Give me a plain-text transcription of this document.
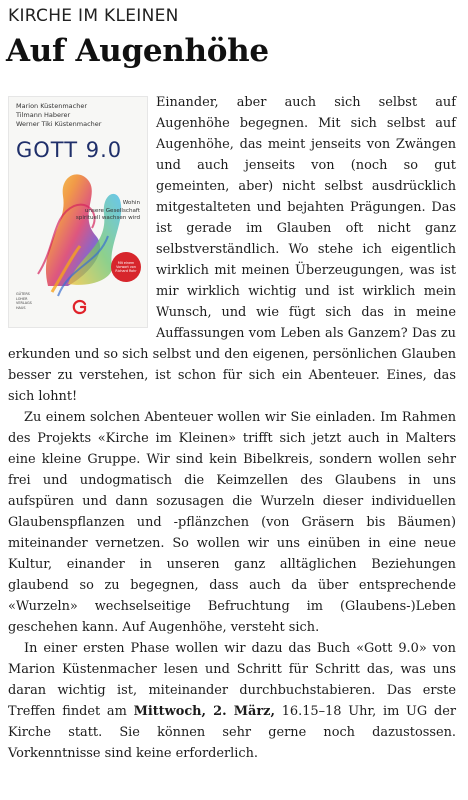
KIRCHE IM KLEINEN
Auf Augenhöhe
Marion Küstenmacher
Tilmann Haberer
Werner Tiki Küstenmacher
GOTT 9.0
Wohin
unsere Gesellschaft
spirituell wachsen wird
Mit einem Vorwort von Richard Rohr
GÜTERS
LOHER
VERLAGS
HAUS

Einander, aber auch sich selbst auf Augenhöhe begegnen. Mit sich selbst auf Augenhöhe, das meint jenseits von Zwängen und auch jenseits von (noch so gut gemeinten, aber) nicht selbst ausdrücklich mitgestalteten und bejahten Prägungen. Das ist gerade im Glauben oft nicht ganz selbstverständlich. Wo stehe ich eigentlich wirklich mit meinen Überzeugungen, was ist mir wirklich wichtig und ist wirklich mein Wunsch, und wie fügt sich das in meine Auffassungen vom Leben als Ganzem? Das zu erkunden und so sich selbst und den eigenen, persönlichen Glauben besser zu verstehen, ist schon für sich ein Abenteuer. Eines, das sich lohnt!

Zu einem solchen Abenteuer wollen wir Sie einladen. Im Rahmen des Projekts «Kirche im Kleinen» trifft sich jetzt auch in Malters eine kleine Gruppe. Wir sind kein Bibelkreis, sondern wollen sehr frei und undogmatisch die Keimzellen des Glaubens in uns aufspüren und dann sozusagen die Wurzeln dieser individuellen Glaubenspflanzen und -pflänzchen (von Gräsern bis Bäumen) miteinander vernetzen. So wollen wir uns einüben in eine neue Kultur, einander in unseren ganz alltäglichen Beziehungen glaubend so zu begegnen, dass auch da über entsprechende «Wurzeln» wechselseitige Befruchtung im (Glaubens-)Leben geschehen kann. Auf Augenhöhe, versteht sich.

In einer ersten Phase wollen wir dazu das Buch «Gott 9.0» von Marion Küstenmacher lesen und Schritt für Schritt das, was uns daran wichtig ist, miteinander durchbuchstabieren. Das erste Treffen findet am Mittwoch, 2. März, 16.15–18 Uhr, im UG der Kirche statt. Sie können sehr gerne noch dazustossen. Vorkenntnisse sind keine erforderlich.
